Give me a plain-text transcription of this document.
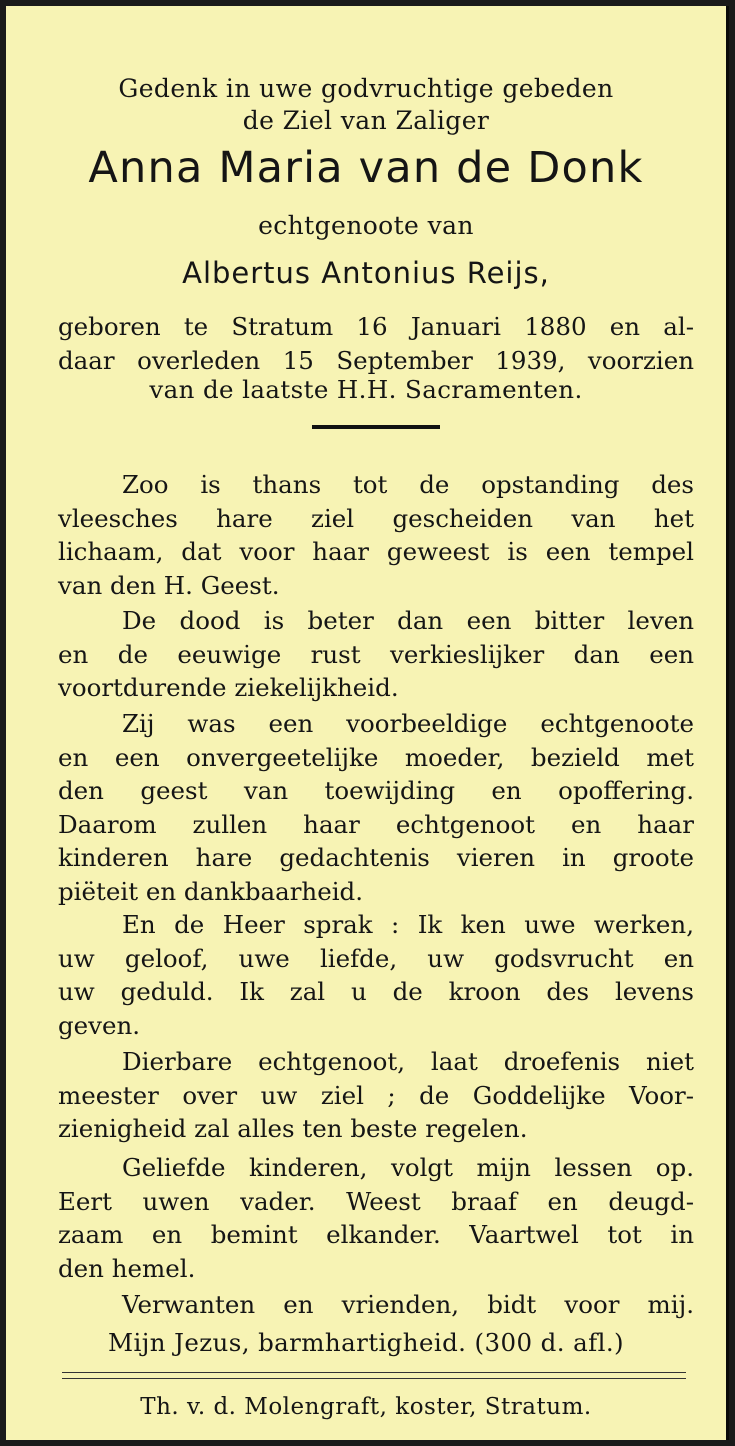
Gedenk in uwe godvruchtige gebeden
de Ziel van Zaliger
Anna Maria van de Donk
echtgenoote van
Albertus Antonius Reijs,
geboren te Stratum 16 Januari 1880 en al-
daar overleden 15 September 1939, voorzien
van de laatste H.H. Sacramenten.
Zoo is thans tot de opstanding des
vleesches hare ziel gescheiden van het
lichaam, dat voor haar geweest is een tempel
van den H. Geest.
De dood is beter dan een bitter leven
en de eeuwige rust verkieslijker dan een
voortdurende ziekelijkheid.
Zij was een voorbeeldige echtgenoote
en een onvergeetelijke moeder, bezield met
den geest van toewijding en opoffering.
Daarom zullen haar echtgenoot en haar
kinderen hare gedachtenis vieren in groote
piëteit en dankbaarheid.
En de Heer sprak : Ik ken uwe werken,
uw geloof, uwe liefde, uw godsvrucht en
uw geduld. Ik zal u de kroon des levens
geven.
Dierbare echtgenoot, laat droefenis niet
meester over uw ziel ; de Goddelijke Voor-
zienigheid zal alles ten beste regelen.
Geliefde kinderen, volgt mijn lessen op.
Eert uwen vader. Weest braaf en deugd-
zaam en bemint elkander. Vaartwel tot in
den hemel.
Verwanten en vrienden, bidt voor mij.
Mijn Jezus, barmhartigheid. (300 d. afl.)
Th. v. d. Molengraft, koster, Stratum.
